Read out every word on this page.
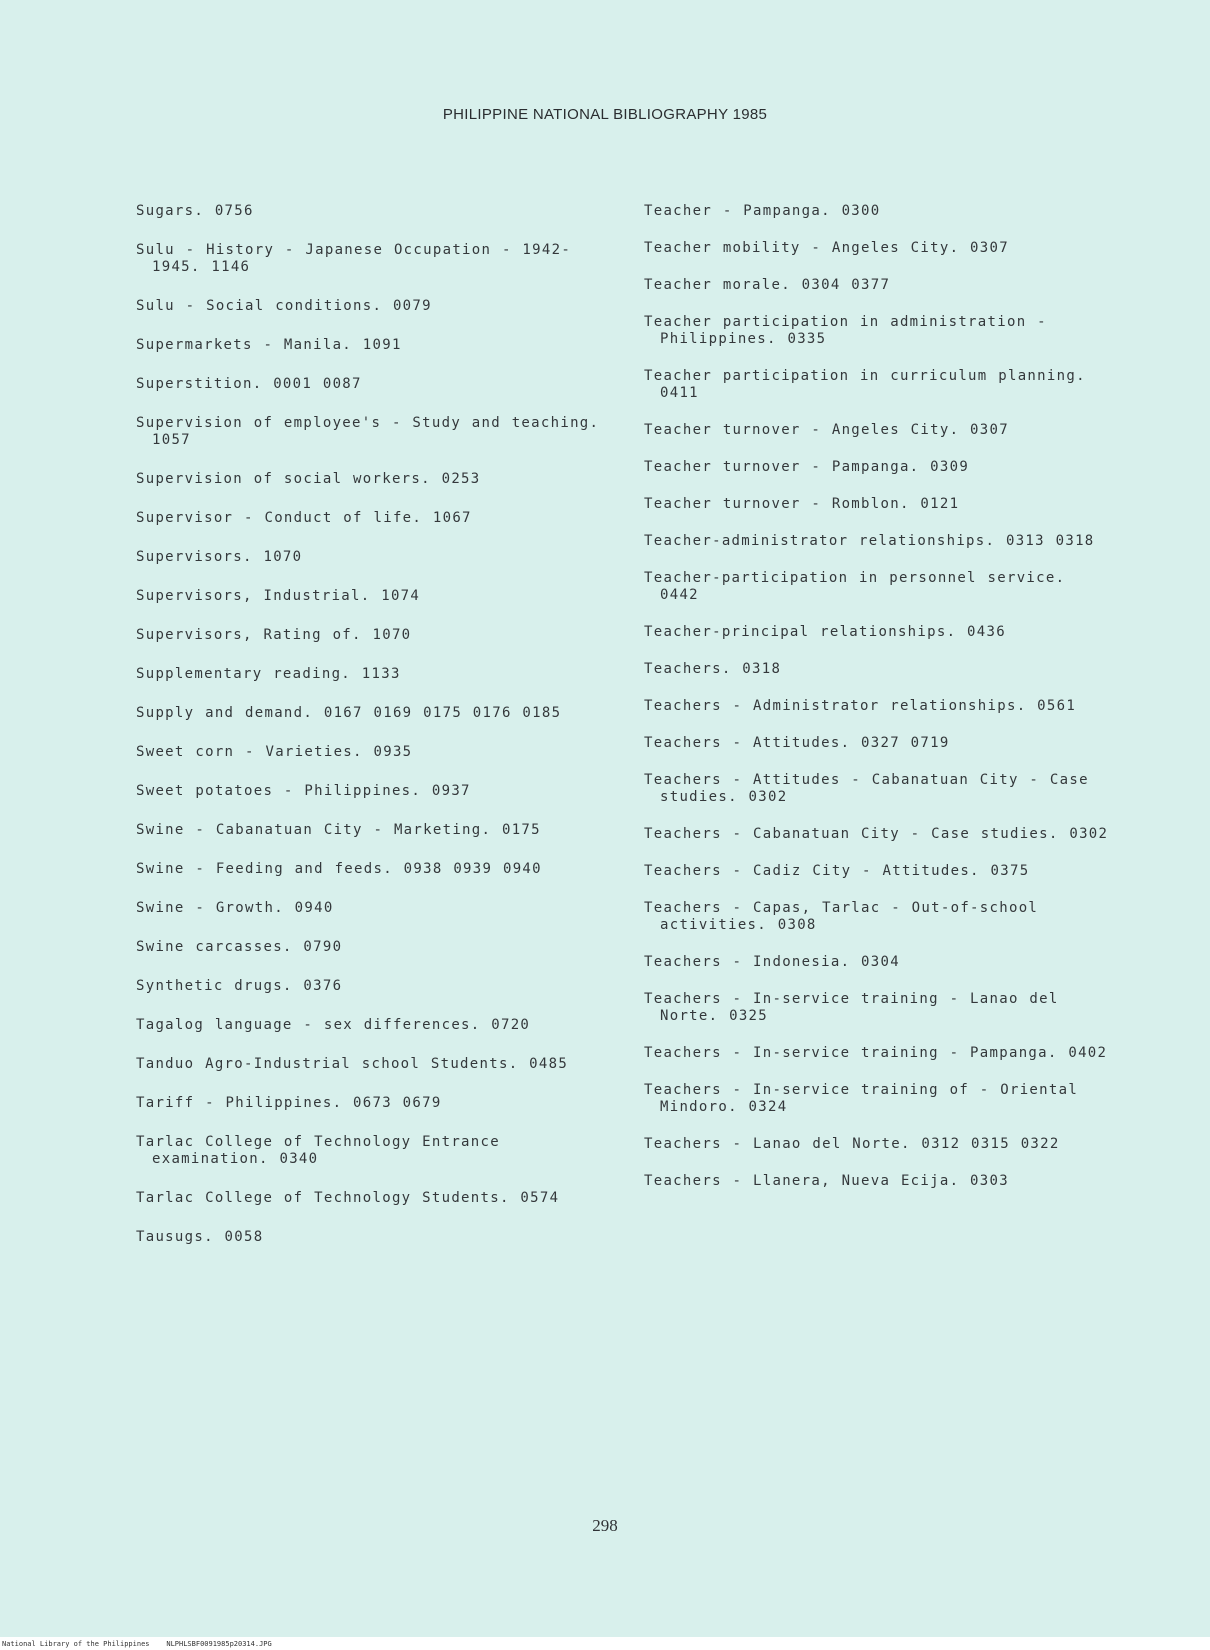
PHILIPPINE NATIONAL BIBLIOGRAPHY 1985
Sugars. 0756
Sulu - History - Japanese Occupation - 1942-1945. 1146
Sulu - Social conditions. 0079
Supermarkets - Manila. 1091
Superstition. 0001 0087
Supervision of employee's - Study and teaching. 1057
Supervision of social workers. 0253
Supervisor - Conduct of life. 1067
Supervisors. 1070
Supervisors, Industrial. 1074
Supervisors, Rating of. 1070
Supplementary reading. 1133
Supply and demand. 0167 0169 0175 0176 0185
Sweet corn - Varieties. 0935
Sweet potatoes - Philippines. 0937
Swine - Cabanatuan City - Marketing. 0175
Swine - Feeding and feeds. 0938 0939 0940
Swine - Growth. 0940
Swine carcasses. 0790
Synthetic drugs. 0376
Tagalog language - sex differences. 0720
Tanduo Agro-Industrial school Students. 0485
Tariff - Philippines. 0673 0679
Tarlac College of Technology Entrance examination. 0340
Tarlac College of Technology Students. 0574
Tausugs. 0058
Teacher - Pampanga. 0300
Teacher mobility - Angeles City. 0307
Teacher morale. 0304 0377
Teacher participation in administration - Philippines. 0335
Teacher participation in curriculum planning. 0411
Teacher turnover - Angeles City. 0307
Teacher turnover - Pampanga. 0309
Teacher turnover - Romblon. 0121
Teacher-administrator relationships. 0313 0318
Teacher-participation in personnel service. 0442
Teacher-principal relationships. 0436
Teachers. 0318
Teachers - Administrator relationships. 0561
Teachers - Attitudes. 0327 0719
Teachers - Attitudes - Cabanatuan City - Case studies. 0302
Teachers - Cabanatuan City - Case studies. 0302
Teachers - Cadiz City - Attitudes. 0375
Teachers - Capas, Tarlac - Out-of-school activities. 0308
Teachers - Indonesia. 0304
Teachers - In-service training - Lanao del Norte. 0325
Teachers - In-service training - Pampanga. 0402
Teachers - In-service training of - Oriental Mindoro. 0324
Teachers - Lanao del Norte. 0312 0315 0322
Teachers - Llanera, Nueva Ecija. 0303
298
National Library of the Philippines    NLPHLSBF0091985p20314.JPG
